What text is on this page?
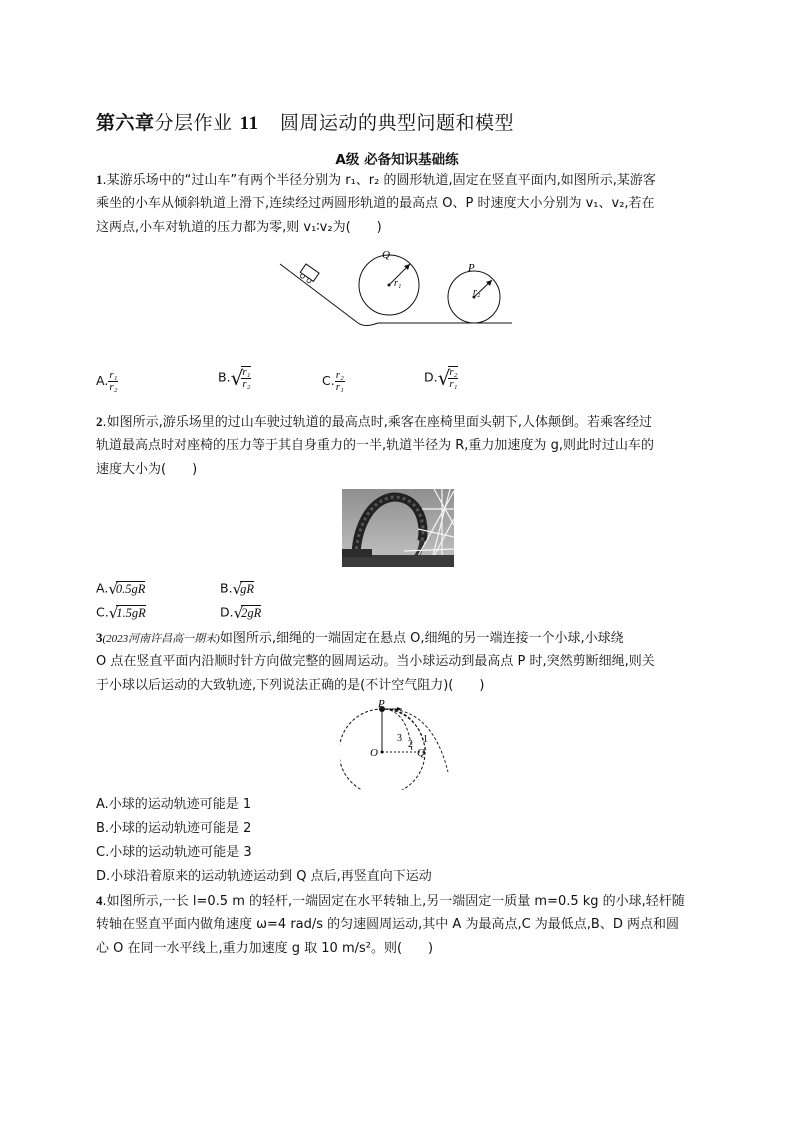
第六章分层作业 11 圆周运动的典型问题和模型
A级 必备知识基础练
1.某游乐场中的“过山车”有两个半径分别为 r₁、r₂ 的圆形轨道,固定在竖直平面内,如图所示,某游客
乘坐的小车从倾斜轨道上滑下,连续经过两圆形轨道的最高点 O、P 时速度大小分别为 v₁、v₂,若在
这两点,小车对轨道的压力都为零,则 v₁∶v₂为(　　)
Q
r₁
P
r₂
A. $\frac{\text{r₁}}{\text{r₂}}$	B.√
$\frac{\text{r₁}}{\text{r₂}}$	C. $\frac{\text{r₂}}{\text{r₁}}$	D.√
$\frac{\text{r₂}}{\text{r₁}}$
2.如图所示,游乐场里的过山车驶过轨道的最高点时,乘客在座椅里面头朝下,人体颠倒。若乘客经过
轨道最高点时对座椅的压力等于其自身重力的一半,轨道半径为 R,重力加速度为 g,则此时过山车的
速度大小为(　　)
A.√0.5gR	B.√gR
C.√1.5gR	D.√2gR
3(2023河南许昌高一期末)如图所示,细绳的一端固定在悬点 O,细绳的另一端连接一个小球,小球绕
O 点在竖直平面内沿顺时针方向做完整的圆周运动。当小球运动到最高点 P 时,突然剪断细绳,则关
于小球以后运动的大致轨迹,下列说法正确的是(不计空气阻力)(　　)
P
O	Q
3
2 1
A.小球的运动轨迹可能是 1
B.小球的运动轨迹可能是 2
C.小球的运动轨迹可能是 3
D.小球沿着原来的运动轨迹运动到 Q 点后,再竖直向下运动
4.如图所示,一长 l=0.5 m 的轻杆,一端固定在水平转轴上,另一端固定一质量 m=0.5 kg 的小球,轻杆随
转轴在竖直平面内做角速度 ω=4 rad/s 的匀速圆周运动,其中 A 为最高点,C 为最低点,B、D 两点和圆
心 O 在同一水平线上,重力加速度 g 取 10 m/s²。则(　　)
